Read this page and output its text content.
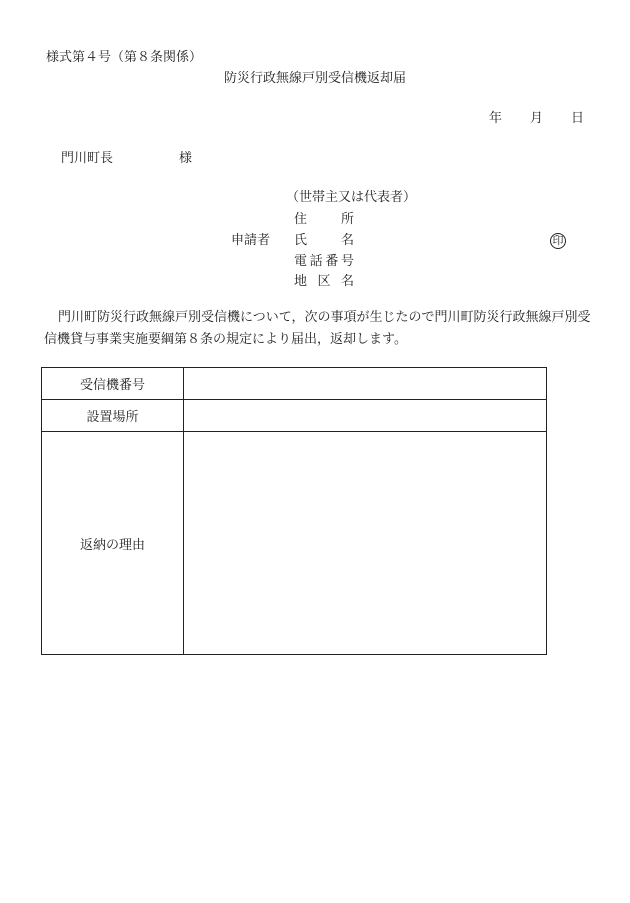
様式第４号（第８条関係）
防災行政無線戸別受信機返却届
年 月 日
門川町長	様
（世帯主又は代表者）
住	所
申請者 氏	名	印
電 話 番 号
地 区 名
門川町防災行政無線戸別受信機について，次の事項が生じたので門川町防災行政無線戸別受信機貸与事業実施要綱第８条の規定により届出，返却します。
受信機番号	
設置場所	
返納の理由	
